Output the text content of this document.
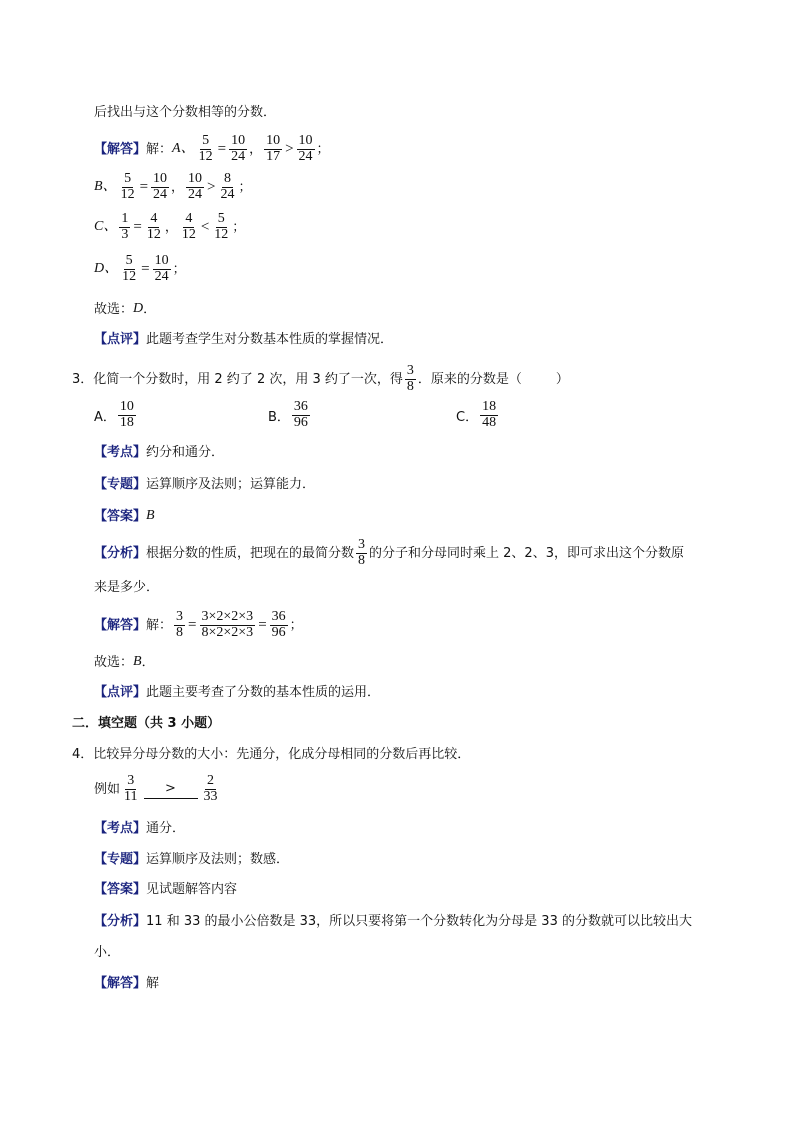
后找出与这个分数相等的分数．
【解答】 解： A、 $\frac{5}{12} = \frac{10}{24}$ ， $\frac{10}{17} > \frac{10}{24}$ ；
B、 $\frac{5}{12} = \frac{10}{24}$ ， $\frac{10}{24} > \frac{8}{24}$ ；
C、 $\frac{1}{3} = \frac{4}{12}$ ， $\frac{4}{12} < \frac{5}{12}$ ；
D、 $\frac{5}{12} = \frac{10}{24}$ ；
故选： D ．
【点评】 此题考查学生对分数基本性质的掌握情况．
3．化简一个分数时，用 2 约了 2 次，用 3 约了一次，得 $\frac{3}{8}$ ．原来的分数是（	）
A． $\frac{10}{18}$	B． $\frac{36}{96}$	C． $\frac{18}{48}$
【考点】 约分和通分．
【专题】 运算顺序及法则；运算能力．
【答案】 B
【分析】 根据分数的性质，把现在的最简分数 $\frac{3}{8}$ 的分子和分母同时乘上 2、2、3，即可求出这个分数原
来是多少．
【解答】 解： $\frac{3}{8} = \frac{3\times 2\times 2\times 3}{8\times 2\times 2\times 3} = \frac{36}{96}$ ；
故选： B ．
【点评】 此题主要考查了分数的基本性质的运用．
二．填空题（共 3 小题）
4．比较异分母分数的大小：先通分，化成分母相同的分数后再比较．
例如 $\frac{3}{11}$	>	$\frac{2}{33}$
【考点】 通分．
【专题】 运算顺序及法则；数感．
【答案】 见试题解答内容
【分析】 11 和 33 的最小公倍数是 33，所以只要将第一个分数转化为分母是 33 的分数就可以比较出大
小．
【解答】 解
